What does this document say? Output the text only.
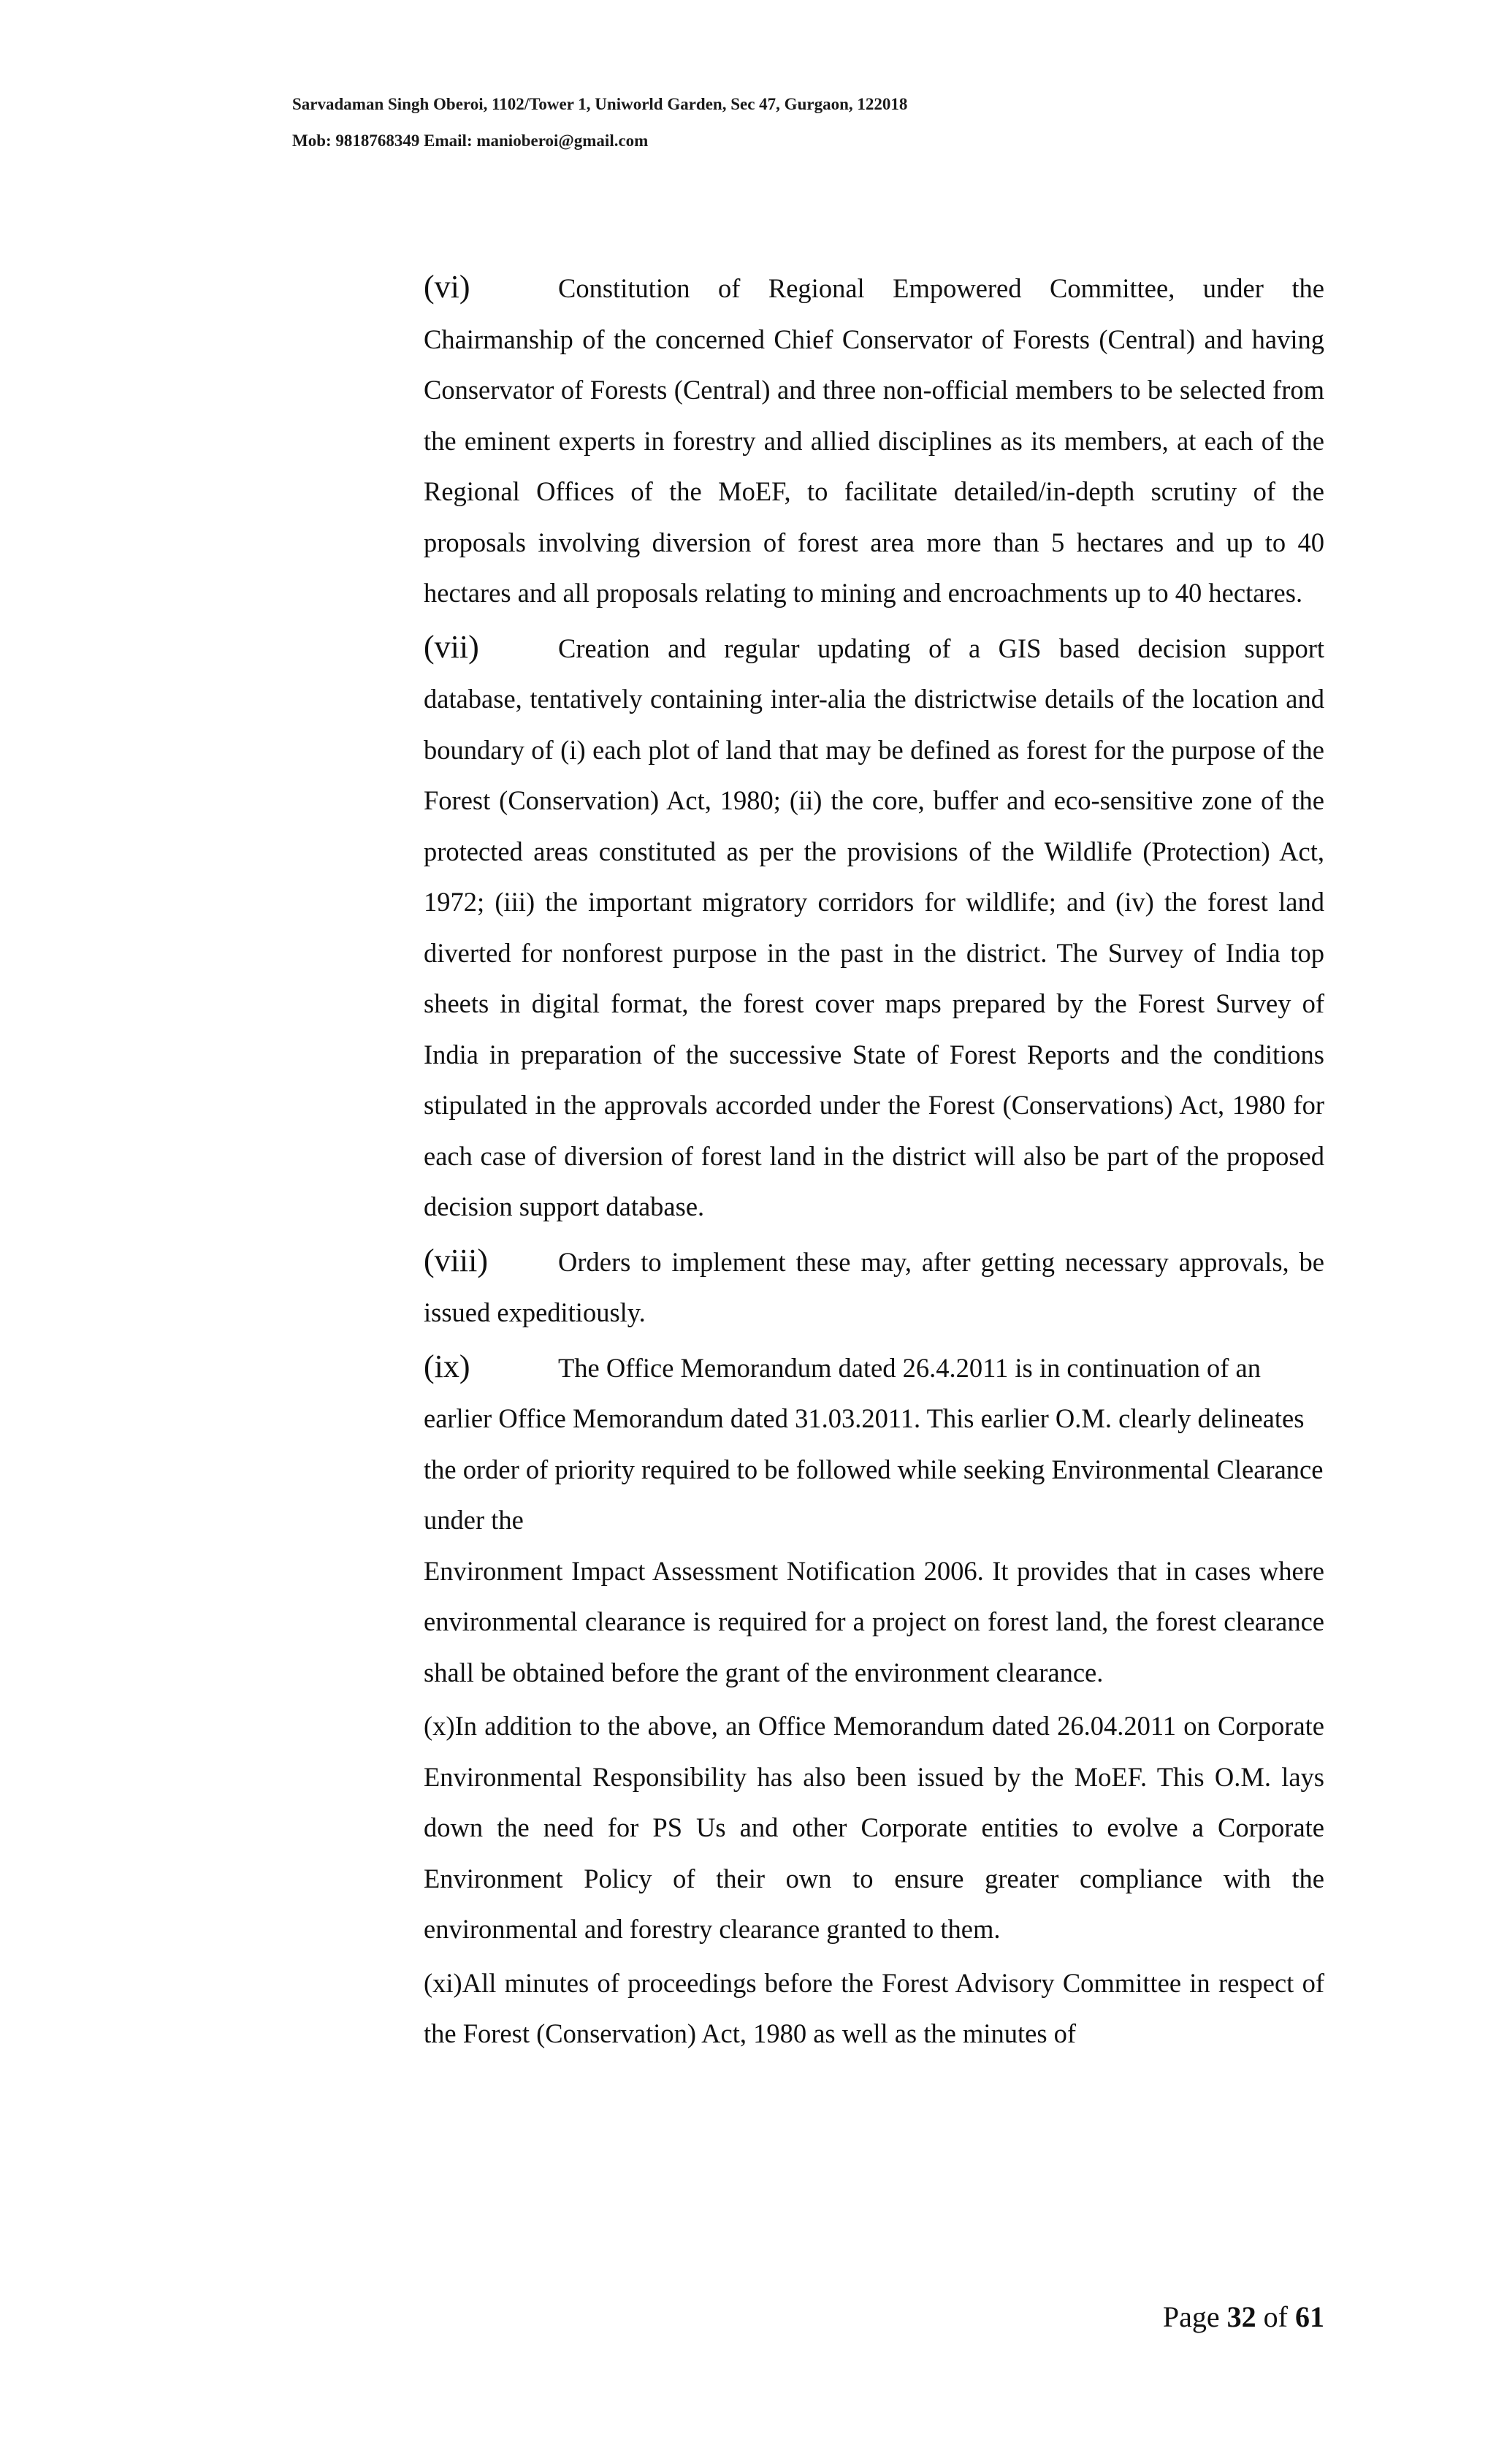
Sarvadaman Singh Oberoi, 1102/Tower 1, Uniworld Garden, Sec 47, Gurgaon, 122018
Mob: 9818768349 Email: manioberoi@gmail.com

(vi)	Constitution of Regional Empowered Committee, under the Chairmanship of the concerned Chief Conservator of Forests (Central) and having Conservator of Forests (Central) and three non-official members to be selected from the eminent experts in forestry and allied disciplines as its members, at each of the Regional Offices of the MoEF, to facilitate detailed/in-depth scrutiny of the proposals involving diversion of forest area more than 5 hectares and up to 40 hectares and all proposals relating to mining and encroachments up to 40 hectares.

(vii)	Creation and regular updating of a GIS based decision support database, tentatively containing inter-alia the districtwise details of the location and boundary of (i) each plot of land that may be defined as forest for the purpose of the Forest (Conservation) Act, 1980; (ii) the core, buffer and eco-sensitive zone of the protected areas constituted as per the provisions of the Wildlife (Protection) Act, 1972; (iii) the important migratory corridors for wildlife; and (iv) the forest land diverted for nonforest purpose in the past in the district. The Survey of India top sheets in digital format, the forest cover maps prepared by the Forest Survey of India in preparation of the successive State of Forest Reports and the conditions stipulated in the approvals accorded under the Forest (Conservations) Act, 1980 for each case of diversion of forest land in the district will also be part of the proposed decision support database.

(viii)	Orders to implement these may, after getting necessary approvals, be issued expeditiously.

(ix)	The Office Memorandum dated 26.4.2011 is in continuation of an earlier Office Memorandum dated 31.03.2011. This earlier O.M. clearly delineates the order of priority required to be followed while seeking Environmental Clearance under the

Environment Impact Assessment Notification 2006. It provides that in cases where environmental clearance is required for a project on forest land, the forest clearance shall be obtained before the grant of the environment clearance.

(x)In addition to the above, an Office Memorandum dated 26.04.2011 on Corporate Environmental Responsibility has also been issued by the MoEF. This O.M. lays down the need for PS Us and other Corporate entities to evolve a Corporate Environment Policy of their own to ensure greater compliance with the environmental and forestry clearance granted to them.

(xi)All minutes of proceedings before the Forest Advisory Committee in respect of the Forest (Conservation) Act, 1980 as well as the minutes of

Page 32 of 61
